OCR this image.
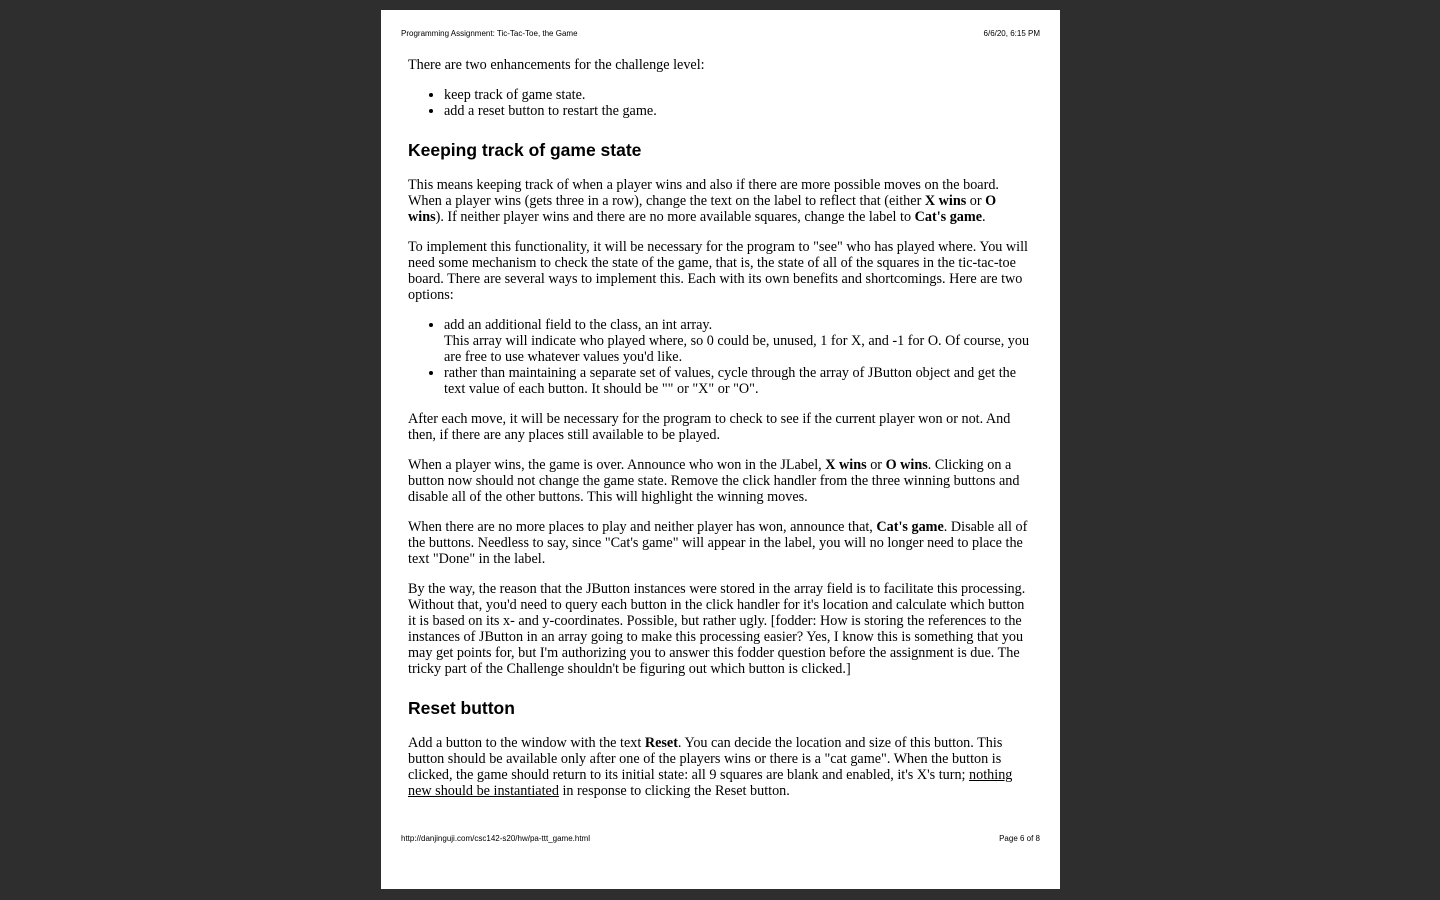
Programming Assignment: Tic-Tac-Toe, the Game	6/6/20, 6:15 PM

There are two enhancements for the challenge level:

• keep track of game state.
• add a reset button to restart the game.
Keeping track of game state

This means keeping track of when a player wins and also if there are more possible moves on the board. When a player wins (gets three in a row), change the text on the label to reflect that (either X wins or O wins). If neither player wins and there are no more available squares, change the label to Cat's game.

To implement this functionality, it will be necessary for the program to "see" who has played where. You will need some mechanism to check the state of the game, that is, the state of all of the squares in the tic-tac-toe board. There are several ways to implement this. Each with its own benefits and shortcomings. Here are two options:

• add an additional field to the class, an int array.
This array will indicate who played where, so 0 could be, unused, 1 for X, and -1 for O. Of course, you are free to use whatever values you'd like.
• rather than maintaining a separate set of values, cycle through the array of JButton object and get the text value of each button. It should be "" or "X" or "O".

After each move, it will be necessary for the program to check to see if the current player won or not. And then, if there are any places still available to be played.

When a player wins, the game is over. Announce who won in the JLabel, X wins or O wins. Clicking on a button now should not change the game state. Remove the click handler from the three winning buttons and disable all of the other buttons. This will highlight the winning moves.

When there are no more places to play and neither player has won, announce that, Cat's game. Disable all of the buttons. Needless to say, since "Cat's game" will appear in the label, you will no longer need to place the text "Done" in the label.

By the way, the reason that the JButton instances were stored in the array field is to facilitate this processing. Without that, you'd need to query each button in the click handler for it's location and calculate which button it is based on its x- and y-coordinates. Possible, but rather ugly. [fodder: How is storing the references to the instances of JButton in an array going to make this processing easier? Yes, I know this is something that you may get points for, but I'm authorizing you to answer this fodder question before the assignment is due. The tricky part of the Challenge shouldn't be figuring out which button is clicked.]

Reset button

Add a button to the window with the text Reset. You can decide the location and size of this button. This button should be available only after one of the players wins or there is a "cat game". When the button is clicked, the game should return to its initial state: all 9 squares are blank and enabled, it's X's turn; nothing new should be instantiated in response to clicking the Reset button.

http://danjinguji.com/csc142-s20/hw/pa-ttt_game.html	Page 6 of 8
